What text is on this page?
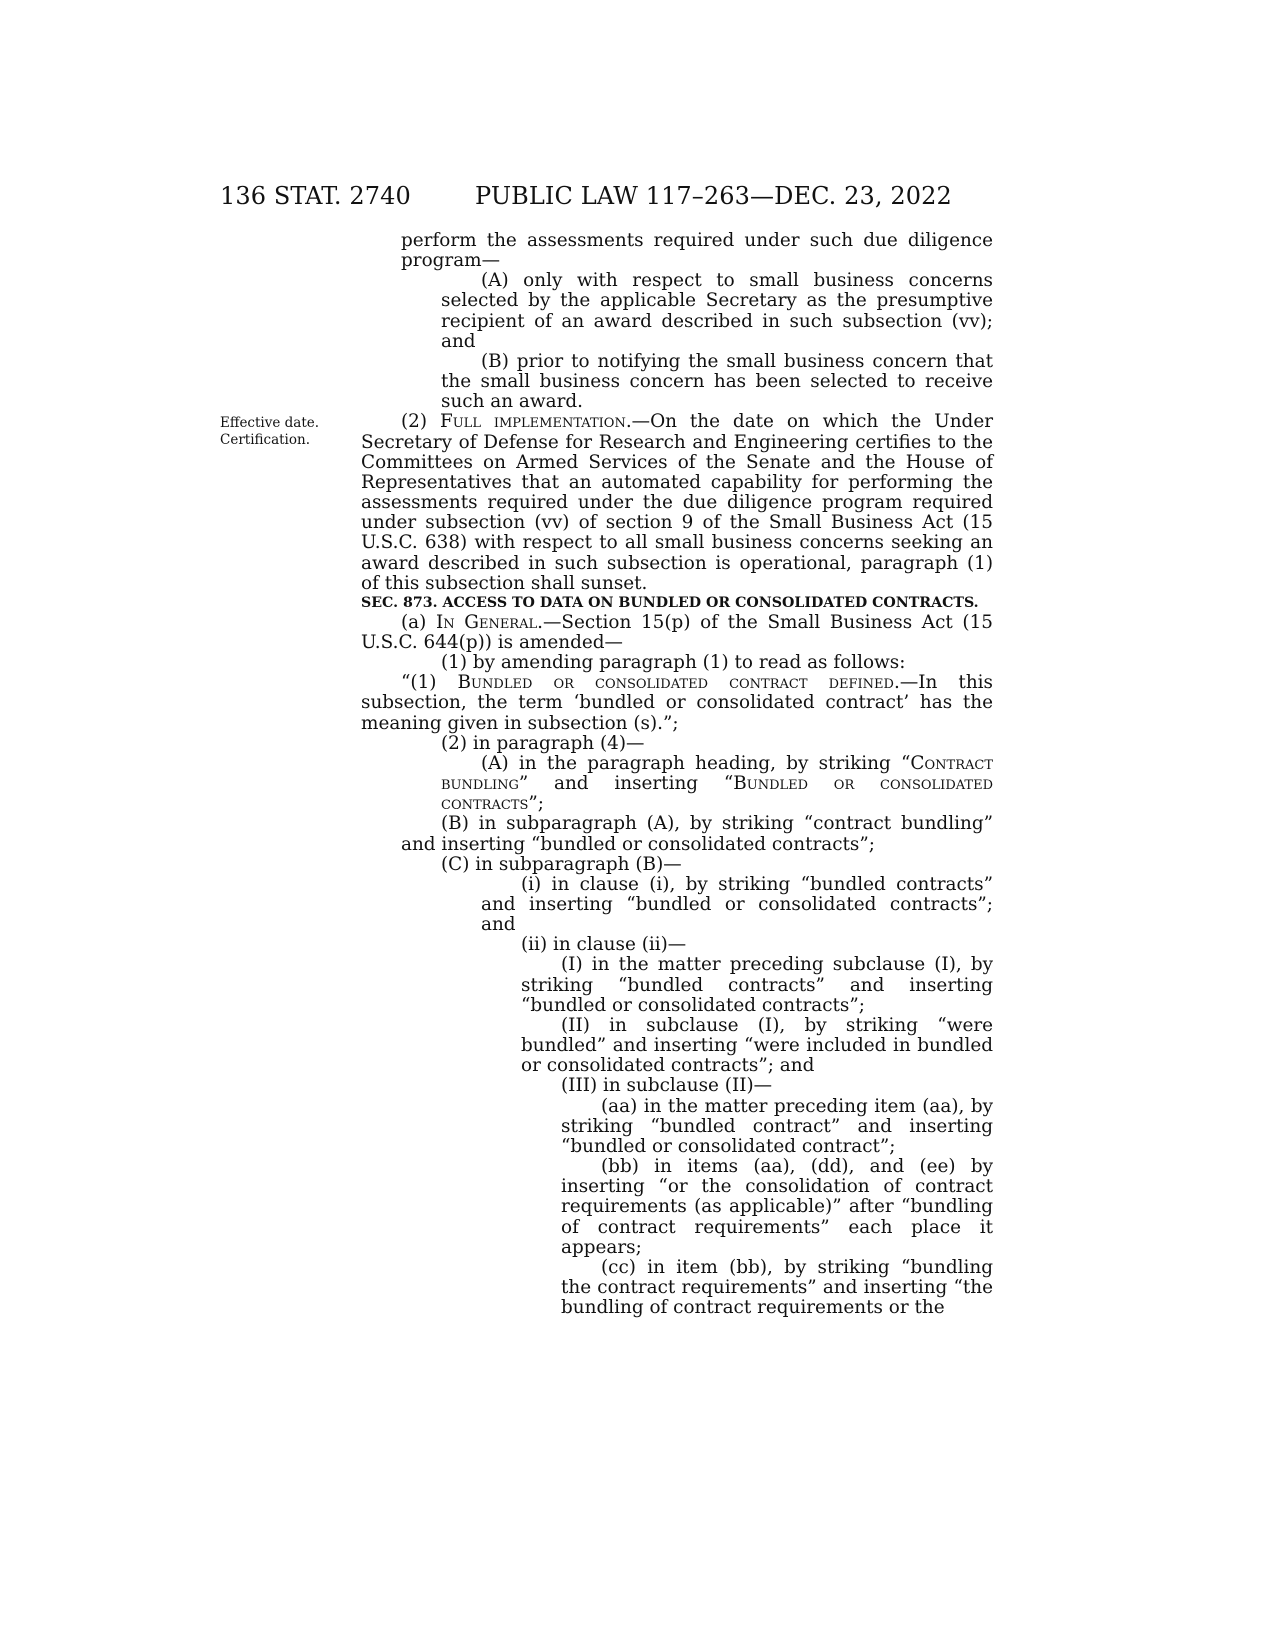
136 STAT. 2740	PUBLIC LAW 117–263—DEC. 23, 2022
Effective date.
Certification.

perform the assessments required under such due diligence program—

(A) only with respect to small business concerns selected by the applicable Secretary as the presumptive recipient of an award described in such subsection (vv); and

(B) prior to notifying the small business concern that the small business concern has been selected to receive such an award.

(2) Full implementation.—On the date on which the Under Secretary of Defense for Research and Engineering certifies to the Committees on Armed Services of the Senate and the House of Representatives that an automated capability for performing the assessments required under the due diligence program required under subsection (vv) of section 9 of the Small Business Act (15 U.S.C. 638) with respect to all small business concerns seeking an award described in such subsection is operational, paragraph (1) of this subsection shall sunset.

SEC. 873. ACCESS TO DATA ON BUNDLED OR CONSOLIDATED CONTRACTS.

(a) In General.—Section 15(p) of the Small Business Act (15 U.S.C. 644(p)) is amended—

(1) by amending paragraph (1) to read as follows:

“(1) Bundled or consolidated contract defined.—In this subsection, the term ‘bundled or consolidated contract’ has the meaning given in subsection (s).”;

(2) in paragraph (4)—

(A) in the paragraph heading, by striking “Contract bundling” and inserting “Bundled or consolidated contracts”;

(B) in subparagraph (A), by striking “contract bundling” and inserting “bundled or consolidated contracts”;

(C) in subparagraph (B)—

(i) in clause (i), by striking “bundled contracts” and inserting “bundled or consolidated contracts”; and

(ii) in clause (ii)—

(I) in the matter preceding subclause (I), by striking “bundled contracts” and inserting “bundled or consolidated contracts”;

(II) in subclause (I), by striking “were bundled” and inserting “were included in bundled or consolidated contracts”; and

(III) in subclause (II)—

(aa) in the matter preceding item (aa), by striking “bundled contract” and inserting “bundled or consolidated contract”;

(bb) in items (aa), (dd), and (ee) by inserting “or the consolidation of contract requirements (as applicable)” after “bundling of contract requirements” each place it appears;

(cc) in item (bb), by striking “bundling the contract requirements” and inserting “the bundling of contract requirements or the
